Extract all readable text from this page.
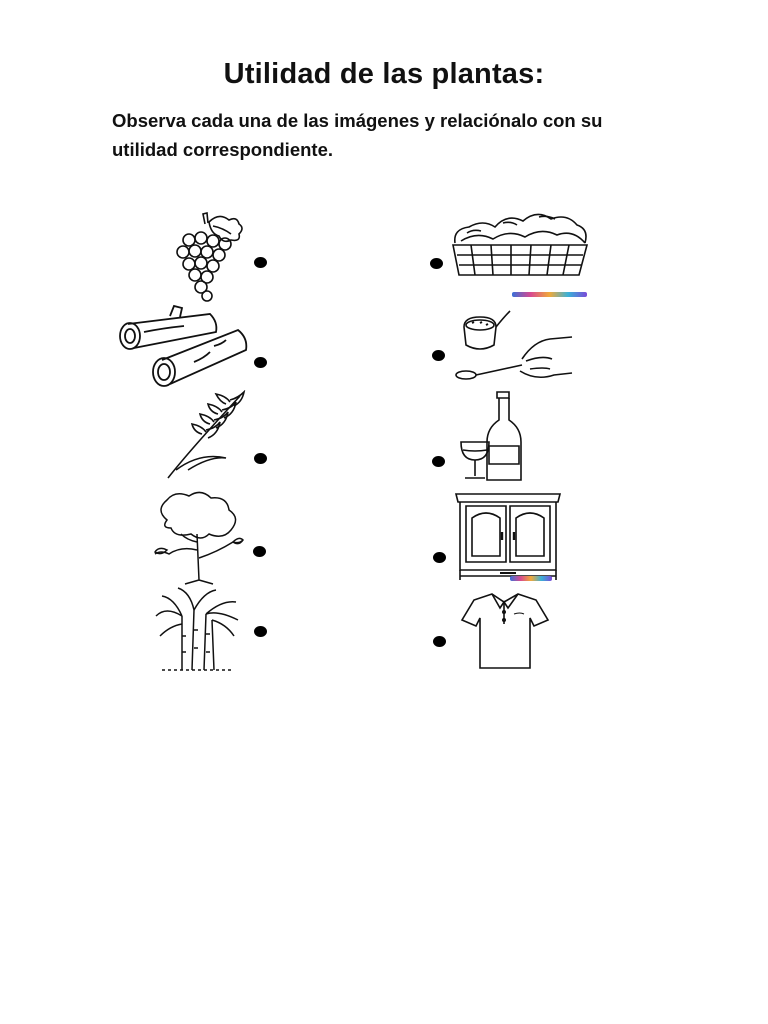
Utilidad de las plantas:

Observa cada una de las imágenes y relaciónalo con su utilidad correspondiente.
